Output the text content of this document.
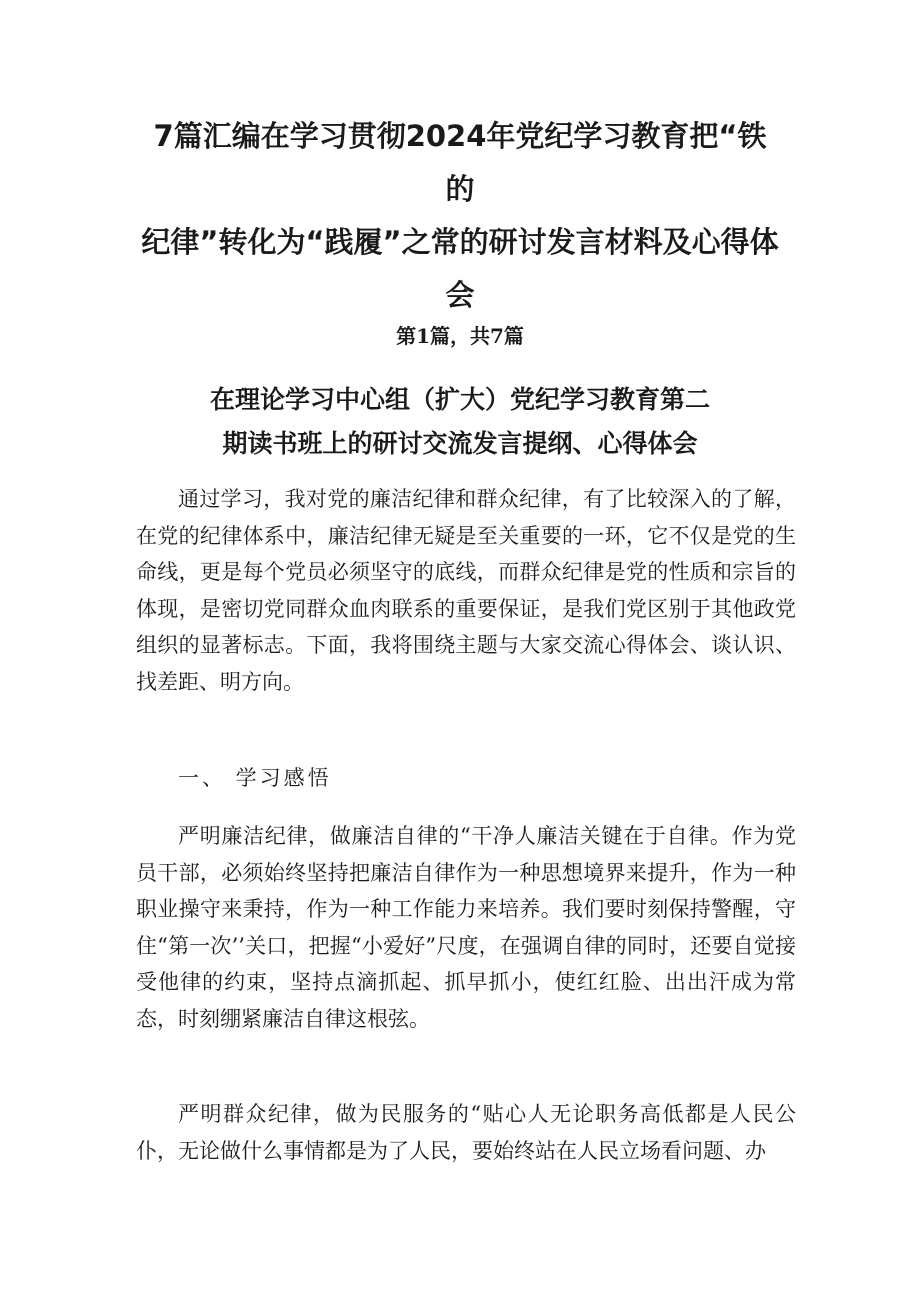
7篇汇编在学习贯彻2024年党纪学习教育把“铁的
纪律”转化为“践履”之常的研讨发言材料及心得体
会
第1篇，共7篇
在理论学习中心组（扩大）党纪学习教育第二
期读书班上的研讨交流发言提纲、心得体会

通过学习，我对党的廉洁纪律和群众纪律，有了比较深入的了解，在党的纪律体系中，廉洁纪律无疑是至关重要的一环，它不仅是党的生命线，更是每个党员必须坚守的底线，而群众纪律是党的性质和宗旨的体现，是密切党同群众血肉联系的重要保证，是我们党区别于其他政党组织的显著标志。下面，我将围绕主题与大家交流心得体会、谈认识、找差距、明方向。

一、 学习感悟

严明廉洁纪律，做廉洁自律的“干净人廉洁关键在于自律。作为党员干部，必须始终坚持把廉洁自律作为一种思想境界来提升，作为一种职业操守来秉持，作为一种工作能力来培养。我们要时刻保持警醒，守住“第一次’’关口，把握“小爱好”尺度，在强调自律的同时，还要自觉接受他律的约束，坚持点滴抓起、抓早抓小，使红红脸、出出汗成为常态，时刻绷紧廉洁自律这根弦。

严明群众纪律，做为民服务的“贴心人无论职务高低都是人民公仆，无论做什么事情都是为了人民，要始终站在人民立场看问题、办
